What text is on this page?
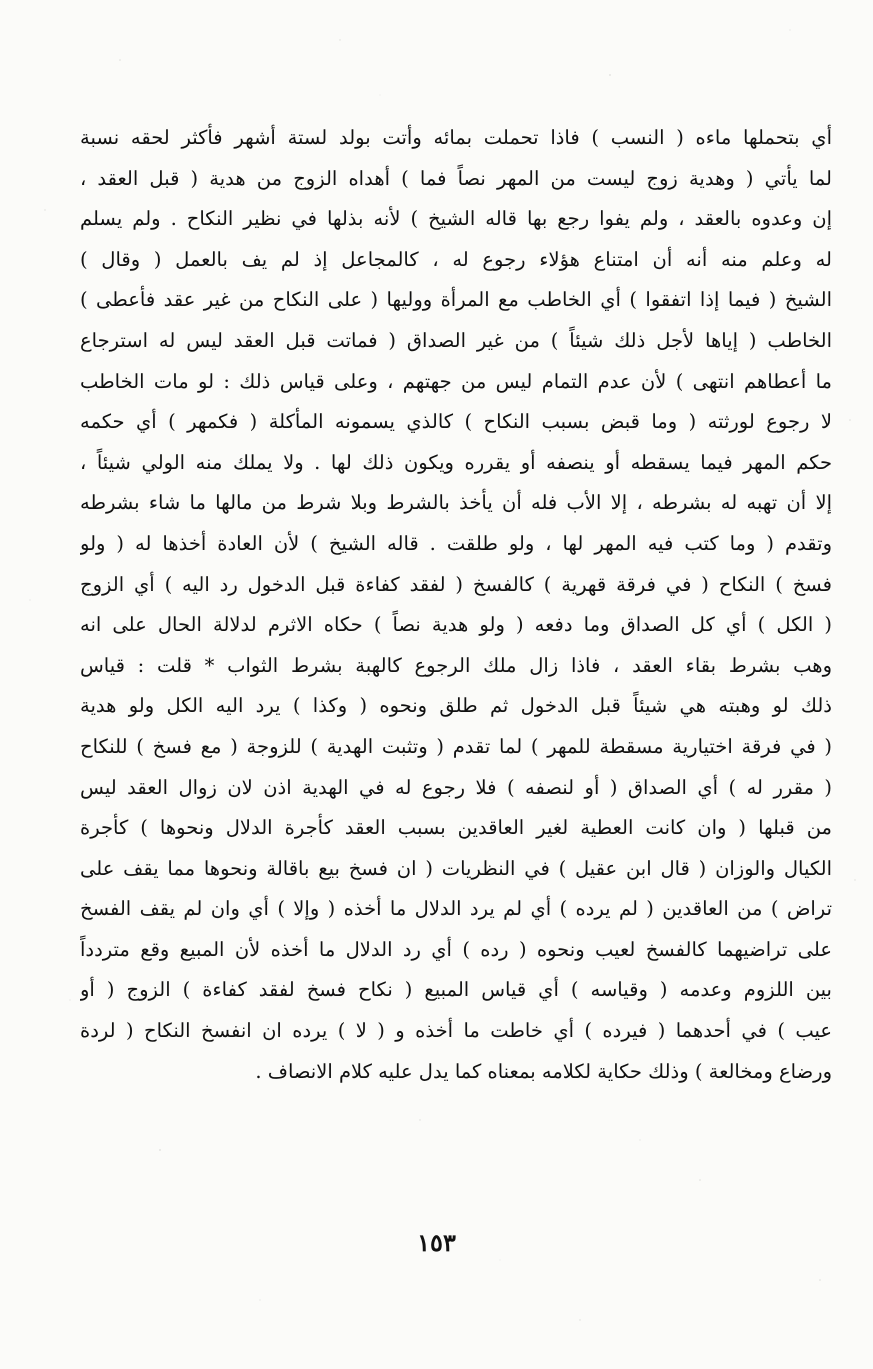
أي بتحملها ماءه ( النسب ) فاذا تحملت بمائه وأتت بولد لستة أشهر فأكثر لحقه نسبة
لما يأتي ( وهدية زوج ليست من المهر نصاً فما ) أهداه الزوج من هدية ( قبل العقد ،
إن وعدوه بالعقد ، ولم يفوا رجع بها قاله الشيخ ) لأنه بذلها في نظير النكاح . ولم يسلم
له وعلم منه أنه أن امتناع هؤلاء رجوع له ، كالمجاعل إذ لم يف بالعمل ( وقال )
الشيخ ( فيما إذا اتفقوا ) أي الخاطب مع المرأة ووليها ( على النكاح من غير عقد فأعطى )
الخاطب ( إياها لأجل ذلك شيئاً ) من غير الصداق ( فماتت قبل العقد ليس له استرجاع
ما أعطاهم انتهى ) لأن عدم التمام ليس من جهتهم ، وعلى قياس ذلك : لو مات الخاطب
لا رجوع لورثته ( وما قبض بسبب النكاح ) كالذي يسمونه المأكلة ( فكمهر ) أي حكمه
حكم المهر فيما يسقطه أو ينصفه أو يقرره ويكون ذلك لها . ولا يملك منه الولي شيئاً ،
إلا أن تهبه له بشرطه ، إلا الأب فله أن يأخذ بالشرط وبلا شرط من مالها ما شاء بشرطه
وتقدم ( وما كتب فيه المهر لها ، ولو طلقت . قاله الشيخ ) لأن العادة أخذها له ( ولو
فسخ ) النكاح ( في فرقة قهرية ) كالفسخ ( لفقد كفاءة قبل الدخول رد اليه ) أي الزوج
( الكل ) أي كل الصداق وما دفعه ( ولو هدية نصاً ) حكاه الاثرم لدلالة الحال على انه
وهب بشرط بقاء العقد ، فاذا زال ملك الرجوع كالهبة بشرط الثواب * قلت : قياس
ذلك لو وهبته هي شيئاً قبل الدخول ثم طلق ونحوه ( وكذا ) يرد اليه الكل ولو هدية
( في فرقة اختيارية مسقطة للمهر ) لما تقدم ( وتثبت الهدية ) للزوجة ( مع فسخ ) للنكاح
( مقرر له ) أي الصداق ( أو لنصفه ) فلا رجوع له في الهدية اذن لان زوال العقد ليس
من قبلها ( وان كانت العطية لغير العاقدين بسبب العقد كأجرة الدلال ونحوها ) كأجرة
الكيال والوزان ( قال ابن عقيل ) في النظريات ( ان فسخ بيع باقالة ونحوها مما يقف على
تراض ) من العاقدين ( لم يرده ) أي لم يرد الدلال ما أخذه ( وإلا ) أي وان لم يقف الفسخ
على تراضيهما كالفسخ لعيب ونحوه ( رده ) أي رد الدلال ما أخذه لأن المبيع وقع متردداً
بين اللزوم وعدمه ( وقياسه ) أي قياس المبيع ( نكاح فسخ لفقد كفاءة ) الزوج ( أو
عيب ) في أحدهما ( فيرده ) أي خاطت ما أخذه و ( لا ) يرده ان انفسخ النكاح ( لردة
ورضاع ومخالعة ) وذلك حكاية لكلامه بمعناه كما يدل عليه كلام الانصاف .
١٥٣
